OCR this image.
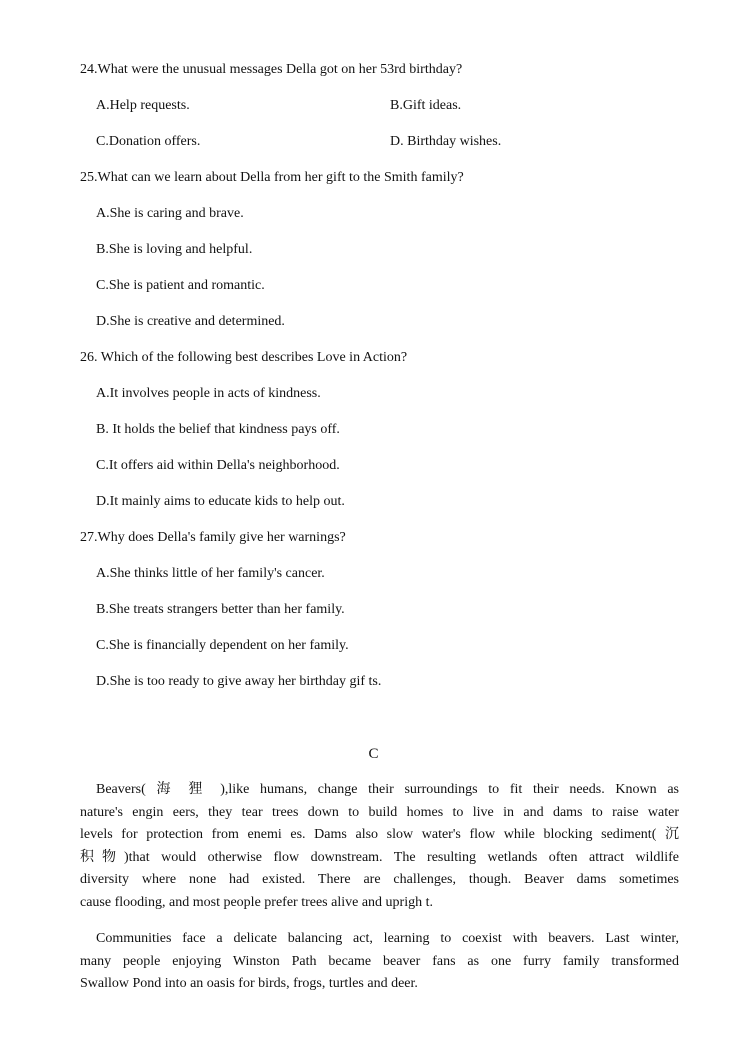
24.What were the unusual messages Della got on her 53rd birthday?
A.Help requests.	B.Gift ideas.
C.Donation offers.	D. Birthday wishes.
25.What can we learn about Della from her gift to the Smith family?
A.She is caring and brave.
B.She is loving and helpful.
C.She is patient and romantic.
D.She is creative and determined.
26. Which of the following best describes Love in Action?
A.It involves people in acts of kindness.
B. It holds the belief that kindness pays off.
C.It offers aid within Della's neighborhood.
D.It mainly aims to educate kids to help out.
27.Why does Della's family give her warnings?
A.She thinks little of her family's cancer.
B.She treats strangers better than her family.
C.She is financially dependent on her family.
D.She is too ready to give away her birthday gif ts.
C
Beavers( 海 狸 ),like humans, change their surroundings to fit their needs. Known as
nature's engin eers, they tear trees down to build homes to live in and dams to raise water
levels for protection from enemi es. Dams also slow water's flow while blocking sediment( 沉
积物)that would otherwise flow downstream. The resulting wetlands often attract wildlife
diversity where none had existed. There are challenges, though. Beaver dams sometimes
cause flooding, and most people prefer trees alive and uprigh t.
Communities face a delicate balancing act, learning to coexist with beavers. Last winter,
many people enjoying Winston Path became beaver fans as one furry family transformed
Swallow Pond into an oasis for birds, frogs, turtles and deer.
